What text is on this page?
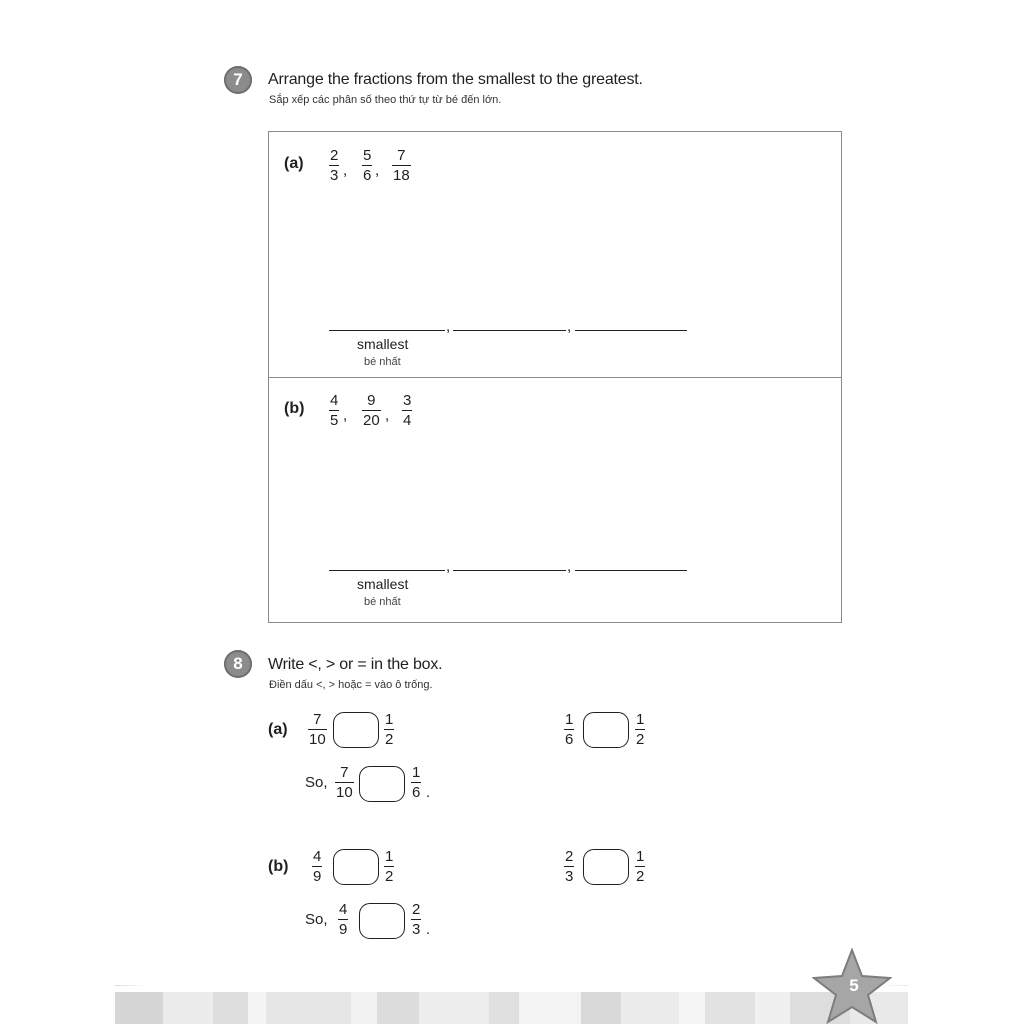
7	Arrange the fractions from the smallest to the greatest.
Sắp xếp các phân số theo thứ tự từ bé đến lớn.
(a) 2
3 ,
5
6 ,
7
18
,	,
smallest
bé nhất
(b) 4
5 ,
9
20 ,
3
4
,	,
smallest
bé nhất
8	Write <, > or = in the box.
Điền dấu <, > hoặc = vào ô trống.
(a)
7
10
1
2
1
6
1
2
So,
7
10
1
6 .
(b)
4
9
1
2
2
3
1
2
So,
4
9
2
3 .
5
